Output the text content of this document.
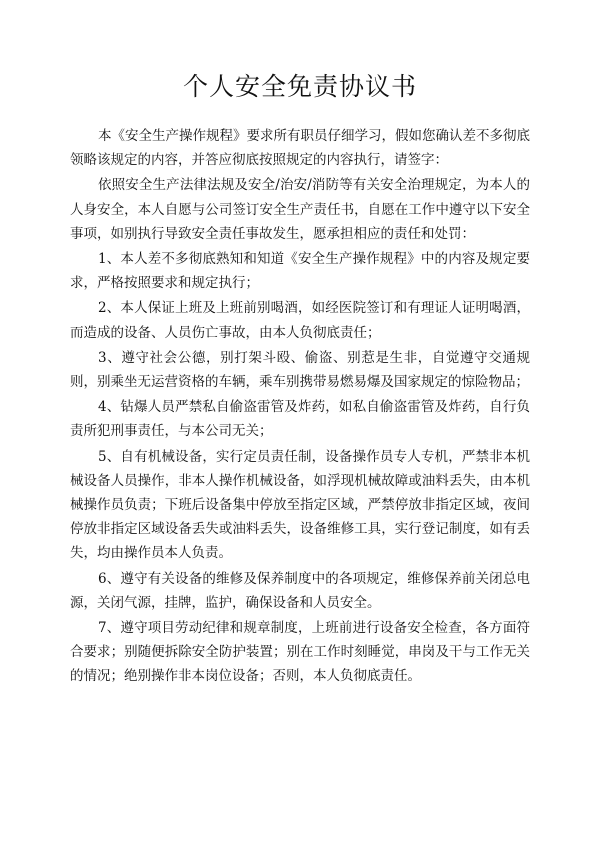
个人安全免责协议书

本《安全生产操作规程》要求所有职员仔细学习，假如您确认差不多彻底领略该规定的内容，并答应彻底按照规定的内容执行，请签字：

依照安全生产法律法规及安全/治安/消防等有关安全治理规定，为本人的人身安全，本人自愿与公司签订安全生产责任书，自愿在工作中遵守以下安全事项，如别执行导致安全责任事故发生，愿承担相应的责任和处罚：

1、本人差不多彻底熟知和知道《安全生产操作规程》中的内容及规定要求，严格按照要求和规定执行；

2、本人保证上班及上班前别喝酒，如经医院签订和有理证人证明喝酒，而造成的设备、人员伤亡事故，由本人负彻底责任；

3、遵守社会公德，别打架斗殴、偷盗、别惹是生非，自觉遵守交通规则，别乘坐无运营资格的车辆，乘车别携带易燃易爆及国家规定的惊险物品；

4、钻爆人员严禁私自偷盗雷管及炸药，如私自偷盗雷管及炸药，自行负责所犯刑事责任，与本公司无关；

5、自有机械设备，实行定员责任制，设备操作员专人专机，严禁非本机械设备人员操作，非本人操作机械设备，如浮现机械故障或油料丢失，由本机械操作员负责；下班后设备集中停放至指定区域，严禁停放非指定区域，夜间停放非指定区域设备丢失或油料丢失，设备维修工具，实行登记制度，如有丢失，均由操作员本人负责。

6、遵守有关设备的维修及保养制度中的各项规定，维修保养前关闭总电源，关闭气源，挂牌，监护，确保设备和人员安全。

7、遵守项目劳动纪律和规章制度，上班前进行设备安全检查，各方面符合要求；别随便拆除安全防护装置；别在工作时刻睡觉，串岗及干与工作无关的情况；绝别操作非本岗位设备；否则，本人负彻底责任。
